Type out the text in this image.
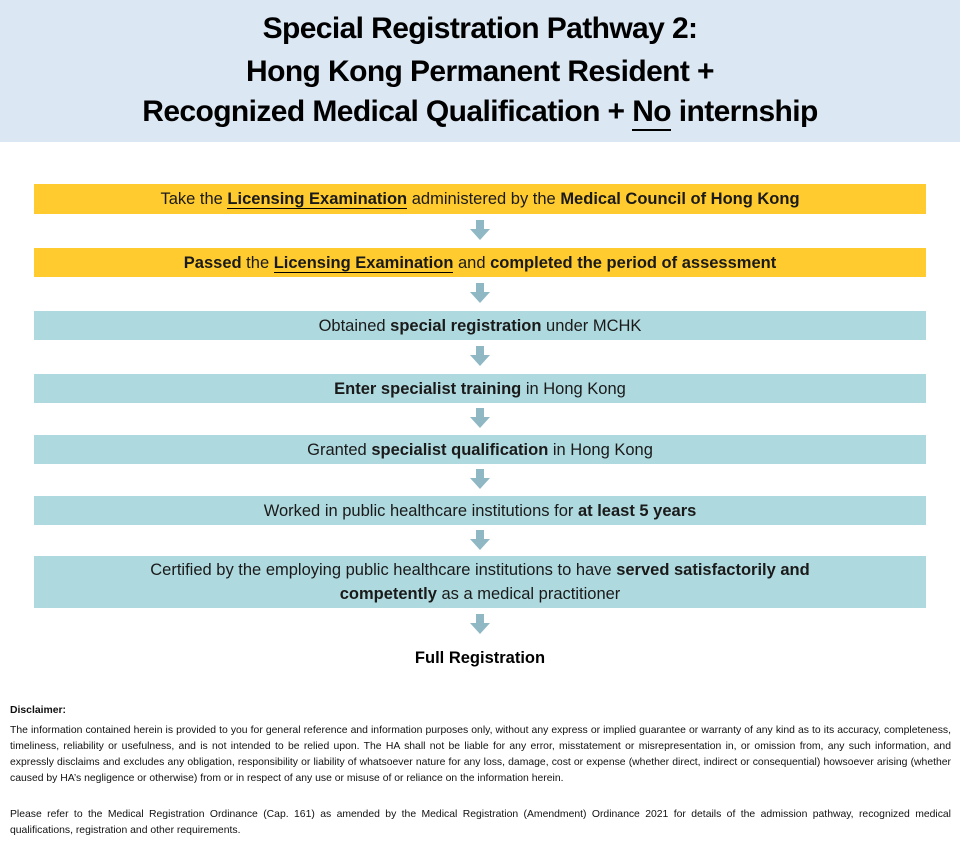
Special Registration Pathway 2:
Hong Kong Permanent Resident +
Recognized Medical Qualification + No internship
Take the Licensing Examination administered by the Medical Council of Hong Kong
Passed the Licensing Examination and completed the period of assessment
Obtained special registration under MCHK
Enter specialist training in Hong Kong
Granted specialist qualification in Hong Kong
Worked in public healthcare institutions for at least 5 years
Certified by the employing public healthcare institutions to have served satisfactorily and
competently as a medical practitioner
Full Registration
Disclaimer:
The information contained herein is provided to you for general reference and information purposes only, without any express or implied guarantee or warranty of any kind as to its accuracy, completeness, timeliness, reliability or usefulness, and is not intended to be relied upon. The HA shall not be liable for any error, misstatement or misrepresentation in, or omission from, any such information, and expressly disclaims and excludes any obligation, responsibility or liability of whatsoever nature for any loss, damage, cost or expense (whether direct, indirect or consequential) howsoever arising (whether caused by HA’s negligence or otherwise) from or in respect of any use or misuse of or reliance on the information herein.
Please refer to the Medical Registration Ordinance (Cap. 161) as amended by the Medical Registration (Amendment) Ordinance 2021 for details of the admission pathway, recognized medical qualifications, registration and other requirements.
